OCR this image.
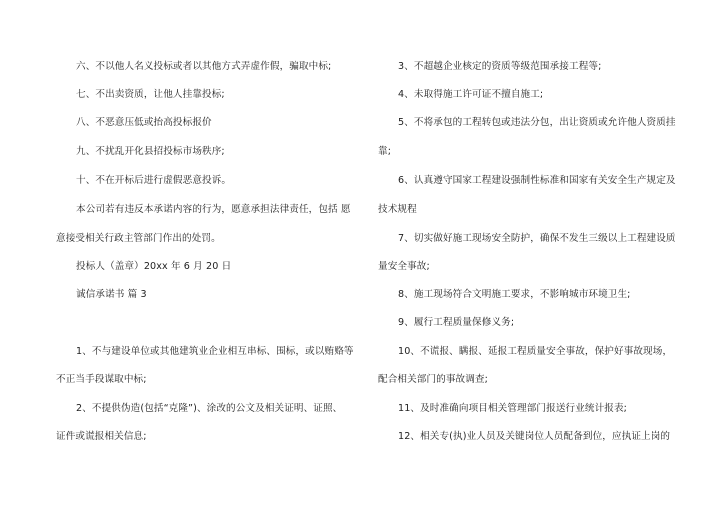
六、不以他人名义投标或者以其他方式弄虚作假，骗取中标;
七、不出卖资质，让他人挂靠投标;
八、不恶意压低或抬高投标报价
九、不扰乱开化县招投标市场秩序;
十、不在开标后进行虚假恶意投诉。
本公司若有违反本承诺内容的行为，愿意承担法律责任，包括 愿
意接受相关行政主管部门作出的处罚。
投标人（盖章）20xx 年 6 月 20 日
诚信承诺书 篇 3
1、不与建设单位或其他建筑业企业相互串标、围标，或以贿赂等
不正当手段谋取中标;
2、不提供伪造(包括“克隆”)、涂改的公文及相关证明、证照、
证件或谎报相关信息;
3、不超越企业核定的资质等级范围承接工程等;
4、未取得施工许可证不擅自施工;
5、不将承包的工程转包或违法分包，出让资质或允许他人资质挂
靠;
6、认真遵守国家工程建设强制性标准和国家有关安全生产规定及
技术规程
7、切实做好施工现场安全防护，确保不发生三级以上工程建设质
量安全事故;
8、施工现场符合文明施工要求，不影响城市环境卫生;
9、履行工程质量保修义务;
10、不谎报、瞒报、延报工程质量安全事故，保护好事故现场，
配合相关部门的事故调查;
11、及时准确向项目相关管理部门报送行业统计报表;
12、相关专(执)业人员及关键岗位人员配备到位，应执证上岗的
